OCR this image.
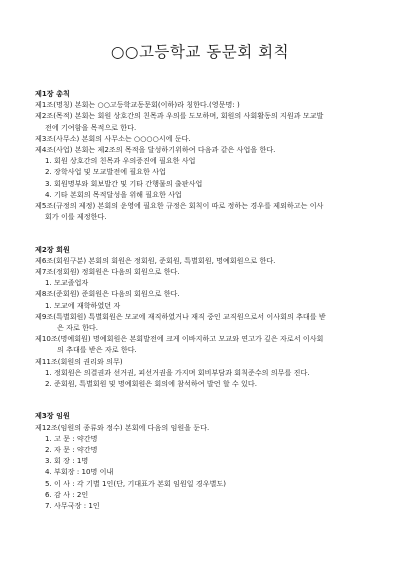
○○고등학교 동문회 회칙
제1장 총칙
제1조(명칭) 본회는 ○○고등학교동문회(이하)라 칭한다.(영문명: )
제2조(목적) 본회는 회원 상호간의 친목과 우의를 도모하며, 회원의 사회활동의 지원과 모교발
전에 기여함을 목적으로 한다.
제3조(사무소) 본회의 사무소는 ○○○○시에 둔다.
제4조(사업) 본회는 제2조의 목적을 달성하기위하여 다음과 같은 사업을 한다.
1. 회원 상호간의 친목과 우의증진에 필요한 사업
2. 장학사업 및 모교발전에 필요한 사업
3. 회원명부와 회보발간 및 기타 간행물의 출판사업
4. 기타 본회의 목적달성을 위해 필요한 사업
제5조(규정의 제정) 본회의 운영에 필요한 규정은 회칙이 따로 정하는 경우를 제외하고는 이사
회가 이를 제정한다.
제2장 회원
제6조(회원구분) 본회의 회원은 정회원, 준회원, 특별회원, 명예회원으로 한다.
제7조(정회원) 정회원은 다음의 회원으로 한다.
1. 모교졸업자
제8조(준회원) 준회원은 다음의 회원으로 한다.
1. 모교에 재학하였던 자
제9조(특별회원) 특별회원은 모교에 재직하였거나 재직 중인 교직원으로서 이사회의 추대를 받
은 자로 한다.
제10조(명예회원) 명예회원은 본회발전에 크게 이바지하고 모교와 연고가 깊은 자로서 이사회
의 추대를 받은 자로 한다.
제11조(회원의 권리와 의무)
1. 정회원은 의결권과 선거권, 피선거권을 가지며 회비부담과 회칙준수의 의무를 진다.
2. 준회원, 특별회원 및 명예회원은 회의에 참석하여 발언 할 수 있다.
제3장 임원
제12조(임원의 종류와 정수) 본회에 다음의 임원을 둔다.
1. 고 문 : 약간명
2. 자 문 : 약간명
3. 회 장 : 1명
4. 부회장 : 10명 이내
5. 이 사 : 각 기별 1인(단, 기대표가 본회 임원일 경우별도)
6. 감 사 : 2인
7. 사무국장 : 1인
